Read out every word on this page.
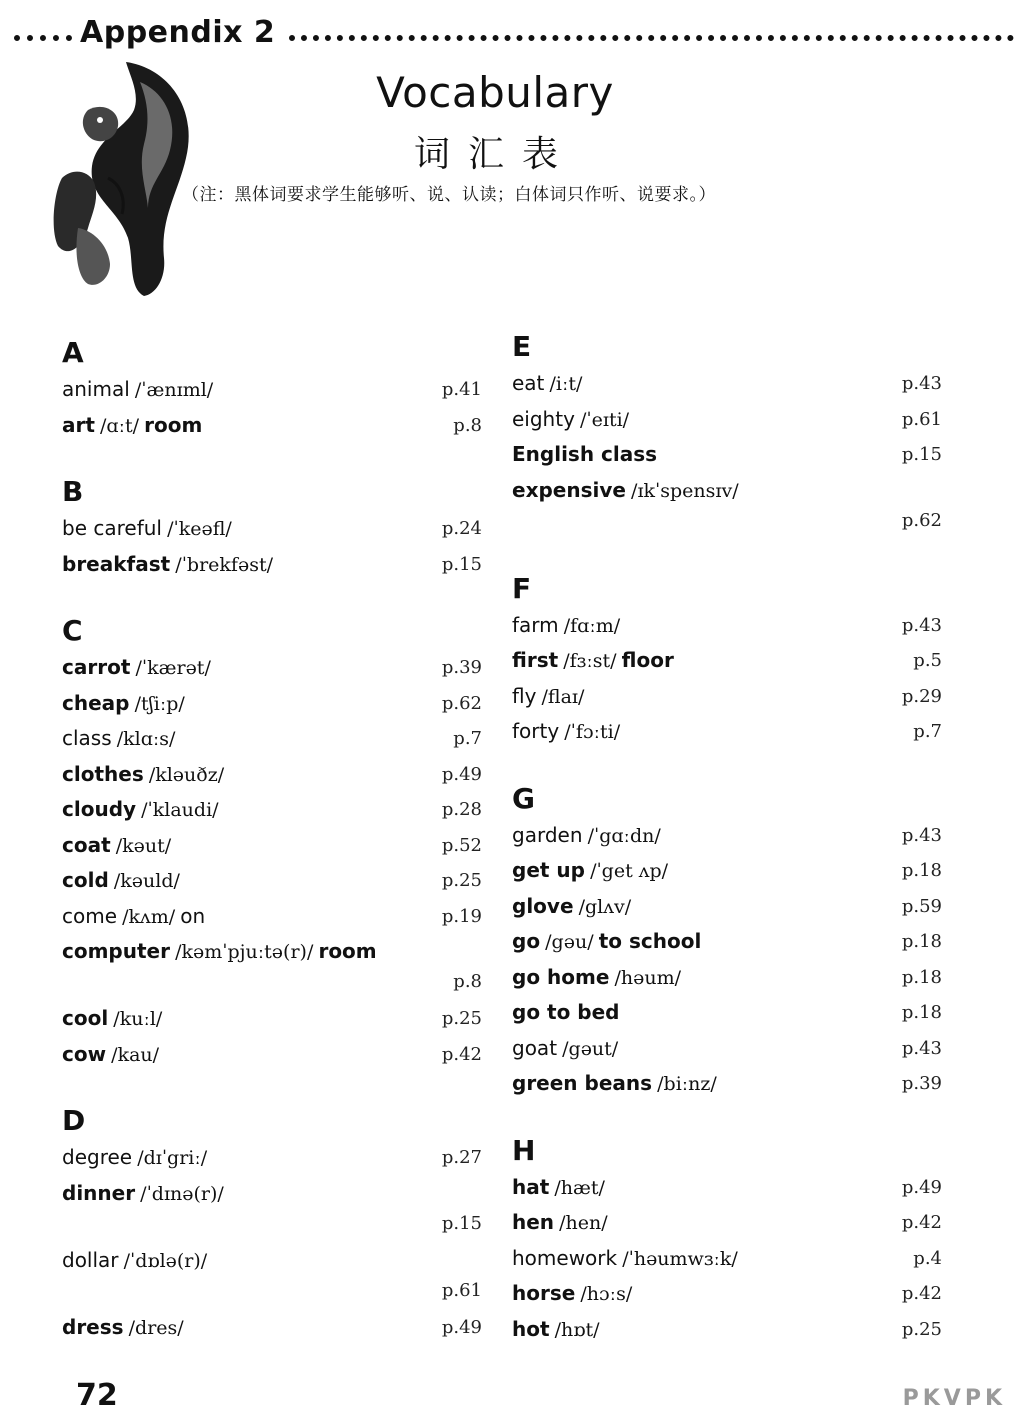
Appendix 2
Vocabulary
词汇表
（注：黑体词要求学生能够听、说、认读；白体词只作听、说要求。）
A
animal /ˈænɪml/	p.41
art /ɑːt/ room	p.8
B
be careful /ˈkeəfl/	p.24
breakfast /ˈbrekfəst/	p.15
C
carrot /ˈkærət/	p.39
cheap /tʃiːp/	p.62
class /klɑːs/	p.7
clothes /kləuðz/	p.49
cloudy /ˈklaudi/	p.28
coat /kəut/	p.52
cold /kəuld/	p.25
come /kʌm/ on	p.19
computer /kəmˈpjuːtə(r)/ room
p.8
cool /kuːl/	p.25
cow /kau/	p.42
D
degree /dɪˈgriː/	p.27
dinner /ˈdɪnə(r)/
p.15
dollar /ˈdɒlə(r)/
p.61
dress /dres/	p.49
E
eat /iːt/	p.43
eighty /ˈeɪti/	p.61
English class	p.15
expensive /ɪkˈspensɪv/
p.62
F
farm /fɑːm/	p.43
first /fɜːst/ floor	p.5
fly /flaɪ/	p.29
forty /ˈfɔːti/	p.7
G
garden /ˈgɑːdn/	p.43
get up /ˈget ʌp/	p.18
glove /glʌv/	p.59
go /gəu/ to school	p.18
go home /həum/	p.18
go to bed	p.18
goat /gəut/	p.43
green beans /biːnz/	p.39
H
hat /hæt/	p.49
hen /hen/	p.42
homework /ˈhəumwɜːk/	p.4
horse /hɔːs/	p.42
hot /hɒt/	p.25
72	PKVPK
